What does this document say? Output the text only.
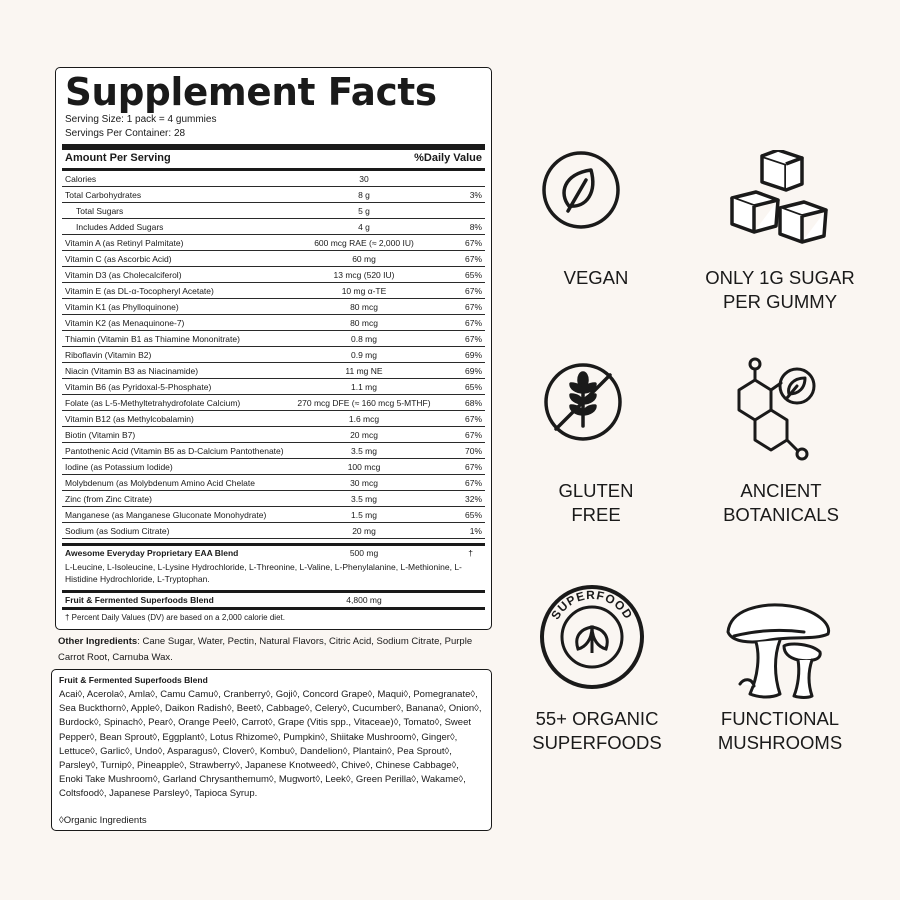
Supplement Facts
Serving Size: 1 pack = 4 gummies
Servings Per Container: 28
Amount Per Serving	%Daily Value
Calories	30
Total Carbohydrates	8 g	3%
Total Sugars	5 g
Includes Added Sugars	4 g	8%
Vitamin A (as Retinyl Palmitate)	600 mcg RAE (≈ 2,000 IU)	67%
Vitamin C (as Ascorbic Acid)	60 mg	67%
Vitamin D3 (as Cholecalciferol)	13 mcg (520 IU)	65%
Vitamin E (as DL-α-Tocopheryl Acetate)	10 mg α-TE	67%
Vitamin K1 (as Phylloquinone)	80 mcg	67%
Vitamin K2 (as Menaquinone-7)	80 mcg	67%
Thiamin (Vitamin B1 as Thiamine Mononitrate)	0.8 mg	67%
Riboflavin (Vitamin B2)	0.9 mg	69%
Niacin (Vitamin B3 as Niacinamide)	11 mg NE	69%
Vitamin B6 (as Pyridoxal-5-Phosphate)	1.1 mg	65%
Folate (as L-5-Methyltetrahydrofolate Calcium)	270 mcg DFE (≈ 160 mcg 5-MTHF)	68%
Vitamin B12 (as Methylcobalamin)	1.6 mcg	67%
Biotin (Vitamin B7)	20 mcg	67%
Pantothenic Acid (Vitamin B5 as D-Calcium Pantothenate)	3.5 mg	70%
Iodine (as Potassium Iodide)	100 mcg	67%
Molybdenum (as Molybdenum Amino Acid Chelate	30 mcg	67%
Zinc (from Zinc Citrate)	3.5 mg	32%
Manganese (as Manganese Gluconate Monohydrate)	1.5 mg	65%
Sodium (as Sodium Citrate)	20 mg	1%
Awesome Everyday Proprietary EAA Blend	500 mg	†
L-Leucine, L-Isoleucine, L-Lysine Hydrochloride, L-Threonine, L-Valine, L-Phenylalanine, L-Methionine, L-Histidine Hydrochloride, L-Tryptophan.
Fruit & Fermented Superfoods Blend	4,800 mg
† Percent Daily Values (DV) are based on a 2,000 calorie diet.
Other Ingredients: Cane Sugar, Water, Pectin, Natural Flavors, Citric Acid, Sodium Citrate, Purple Carrot Root, Carnuba Wax.
Fruit & Fermented Superfoods Blend
Acai◊, Acerola◊, Amla◊, Camu Camu◊, Cranberry◊, Goji◊, Concord Grape◊, Maqui◊, Pomegranate◊, Sea Buckthorn◊, Apple◊, Daikon Radish◊, Beet◊, Cabbage◊, Celery◊, Cucumber◊, Banana◊, Onion◊, Burdock◊, Spinach◊, Pear◊, Orange Peel◊, Carrot◊, Grape (Vitis spp., Vitaceae)◊, Tomato◊, Sweet Pepper◊, Bean Sprout◊, Eggplant◊, Lotus Rhizome◊, Pumpkin◊, Shiitake Mushroom◊, Ginger◊, Lettuce◊, Garlic◊, Undo◊, Asparagus◊, Clover◊, Kombu◊, Dandelion◊, Plantain◊, Pea Sprout◊, Parsley◊, Turnip◊, Pineapple◊, Strawberry◊, Japanese Knotweed◊, Chive◊, Chinese Cabbage◊, Enoki Take Mushroom◊, Garland Chrysanthemum◊, Mugwort◊, Leek◊, Green Perilla◊, Wakame◊, Coltsfood◊, Japanese Parsley◊, Tapioca Syrup.
◊Organic Ingredients
VEGAN	ONLY 1G SUGAR
PER GUMMY
GLUTEN
FREE
ANCIENT
BOTANICALS
SUPERFOOD
55+ ORGANIC
SUPERFOODS
FUNCTIONAL
MUSHROOMS
